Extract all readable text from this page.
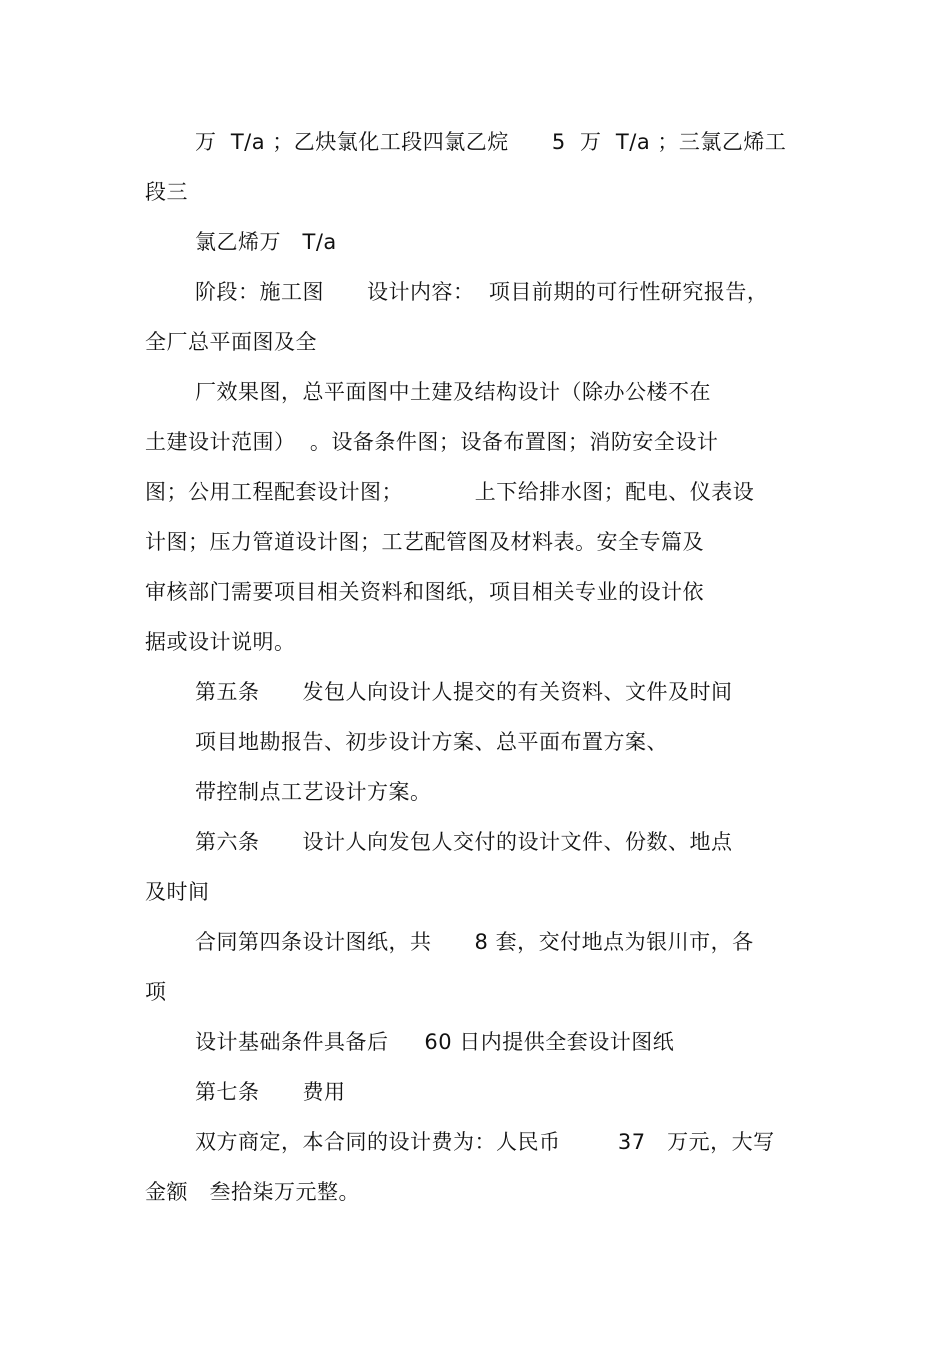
万  T/a ；乙炔氯化工段四氯乙烷      5  万  T/a ；三氯乙烯工
段三
氯乙烯万   T/a
阶段：施工图      设计内容：  项目前期的可行性研究报告，
全厂总平面图及全
厂效果图，总平面图中土建及结构设计（除办公楼不在
土建设计范围）  。设备条件图；设备布置图；消防安全设计
图；公用工程配套设计图；          上下给排水图；配电、仪表设
计图；压力管道设计图；工艺配管图及材料表。安全专篇及
审核部门需要项目相关资料和图纸，项目相关专业的设计依
据或设计说明。
第五条      发包人向设计人提交的有关资料、文件及时间
项目地勘报告、初步设计方案、总平面布置方案、
带控制点工艺设计方案。
第六条      设计人向发包人交付的设计文件、份数、地点
及时间
合同第四条设计图纸，共      8 套，交付地点为银川市，各
项
设计基础条件具备后     60 日内提供全套设计图纸
第七条      费用
双方商定，本合同的设计费为：人民币        37   万元，大写
金额   叁拾柒万元整。
